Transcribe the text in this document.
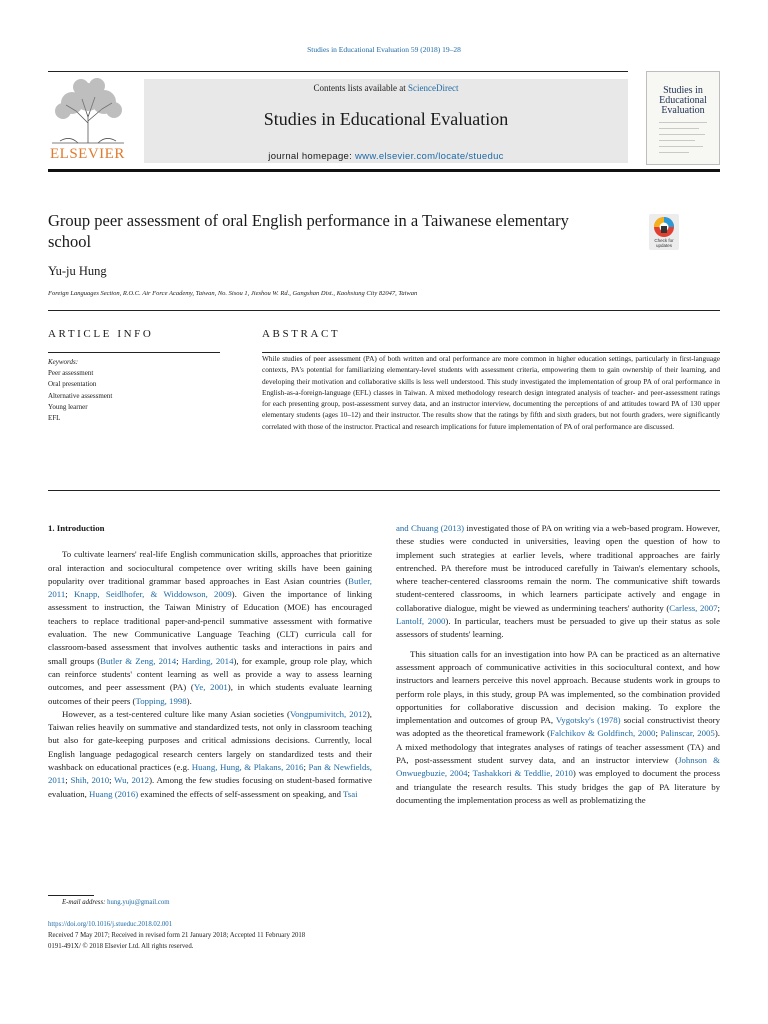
Studies in Educational Evaluation 59 (2018) 19–28
ELSEVIER
Contents lists available at ScienceDirect
Studies in Educational Evaluation
journal homepage: www.elsevier.com/locate/stueduc
Studies in Educational Evaluation
Group peer assessment of oral English performance in a Taiwanese elementary school	Check for updates
Yu-ju Hung
Foreign Languages Section, R.O.C. Air Force Academy, Taiwan, No. Sisou 1, Jieshou W. Rd., Gangshan Dist., Kaohsiung City 82047, Taiwan
ARTICLE INFO	ABSTRACT
Keywords:
Peer assessment
Oral presentation
Alternative assessment
Young learner
EFL
While studies of peer assessment (PA) of both written and oral performance are more common in higher education settings, particularly in first-language contexts, PA's potential for familiarizing elementary-level students with assessment criteria, empowering them to gain ownership of their learning, and developing their motivation and collaborative skills is less well understood. This study investigated the implementation of group PA of oral performance in English-as-a-foreign-language (EFL) classes in Taiwan. A mixed methodology research design integrated analysis of teacher- and peer-assessment ratings for each presenting group, post-assessment survey data, and an instructor interview, documenting the perceptions of and attitudes toward PA of 130 upper elementary students (ages 10–12) and their instructor. The results show that the ratings by fifth and sixth graders, but not fourth graders, were significantly correlated with those of the instructor. Practical and research implications for future implementation of PA of oral performance are discussed.

1. Introduction

To cultivate learners' real-life English communication skills, approaches that prioritize oral interaction and sociocultural competence over writing skills have been gaining popularity over traditional grammar based approaches in East Asian countries (Butler, 2011; Knapp, Seidlhofer, & Widdowson, 2009). Given the importance of linking assessment to instruction, the Taiwan Ministry of Education (MOE) has encouraged teachers to replace traditional paper-and-pencil summative assessment with formative evaluation. The new Communicative Language Teaching (CLT) curricula call for classroom-based assessment that involves authentic tasks and interactions in pairs and small groups (Butler & Zeng, 2014; Harding, 2014), for example, group role play, which can reinforce students' content learning as well as provide a way to assess learning outcomes, and peer assessment (PA) (Ye, 2001), in which students evaluate learning outcomes of their peers (Topping, 1998).

However, as a test-centered culture like many Asian societies (Vongpumivitch, 2012), Taiwan relies heavily on summative and standardized tests, not only in classroom teaching but also for gate-keeping purposes and critical admissions decisions. Currently, local English language pedagogical research centers largely on standardized tests and their washback on educational practices (e.g. Huang, Hung, & Plakans, 2016; Pan & Newfields, 2011; Shih, 2010; Wu, 2012). Among the few studies focusing on student-based formative evaluation, Huang (2016) examined the effects of self-assessment on speaking, and Tsai

and Chuang (2013) investigated those of PA on writing via a web-based program. However, these studies were conducted in universities, leaving open the question of how to implement such strategies at earlier levels, where traditional approaches are fairly entrenched. PA therefore must be introduced carefully in Taiwan's elementary schools, where teacher-centered classrooms remain the norm. The communicative shift towards student-centered classrooms, in which learners participate actively and engage in collaborative dialogue, might be viewed as undermining teachers' authority (Carless, 2007; Lantolf, 2000). In particular, teachers must be persuaded to give up their status as sole assessors of students' learning.

This situation calls for an investigation into how PA can be practiced as an alternative assessment approach of communicative activities in this sociocultural context, and how instructors and learners perceive this novel approach. Because students work in groups to perform role plays, in this study, group PA was implemented, so the combination provided opportunities for collaborative discussion and decision making. To explore the implementation and outcomes of group PA, Vygotsky's (1978) social constructivist theory was adopted as the theoretical framework (Falchikov & Goldfinch, 2000; Palinscar, 2005). A mixed methodology that integrates analyses of ratings of teacher assessment (TA) and PA, post-assessment student survey data, and an instructor interview (Johnson & Onwuegbuzie, 2004; Tashakkori & Teddlie, 2010) was employed to document the process and triangulate the research results. This study bridges the gap of PA literature by documenting the implementation process as well as problematizing the

E-mail address: hung.yuju@gmail.com
https://doi.org/10.1016/j.stueduc.2018.02.001
Received 7 May 2017; Received in revised form 21 January 2018; Accepted 11 February 2018
0191-491X/ © 2018 Elsevier Ltd. All rights reserved.
